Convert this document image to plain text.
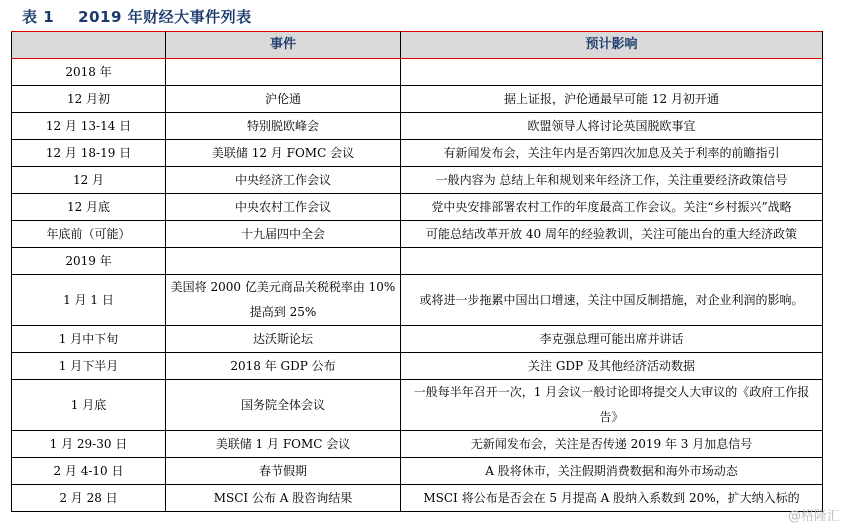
表 1 2019 年财经大事件列表
	事件	预计影响
2018 年		
12 月初	沪伦通	据上证报，沪伦通最早可能 12 月初开通
12 月 13-14 日	特别脱欧峰会	欧盟领导人将讨论英国脱欧事宜
12 月 18-19 日	美联储 12 月 FOMC 会议	有新闻发布会，关注年内是否第四次加息及关于利率的前瞻指引
12 月	中央经济工作会议	一般内容为 总结上年和规划来年经济工作，关注重要经济政策信号
12 月底	中央农村工作会议	党中央安排部署农村工作的年度最高工作会议。关注“乡村振兴”战略
年底前（可能）	十九届四中全会	可能总结改革开放 40 周年的经验教训，关注可能出台的重大经济政策
2019 年		
1 月 1 日	美国将 2000 亿美元商品关税税率由 10%提高到 25%	或将进一步拖累中国出口增速，关注中国反制措施，对企业利润的影响。
1 月中下旬	达沃斯论坛	李克强总理可能出席并讲话
1 月下半月	2018 年 GDP 公布	关注 GDP 及其他经济活动数据
1 月底	国务院全体会议	一般每半年召开一次，1 月会议一般讨论即将提交人大审议的《政府工作报告》
1 月 29-30 日	美联储 1 月 FOMC 会议	无新闻发布会，关注是否传递 2019 年 3 月加息信号
2 月 4-10 日	春节假期	A 股将休市，关注假期消费数据和海外市场动态
2 月 28 日	MSCI 公布 A 股咨询结果	MSCI 将公布是否会在 5 月提高 A 股纳入系数到 20%，扩大纳入标的
@格隆汇
